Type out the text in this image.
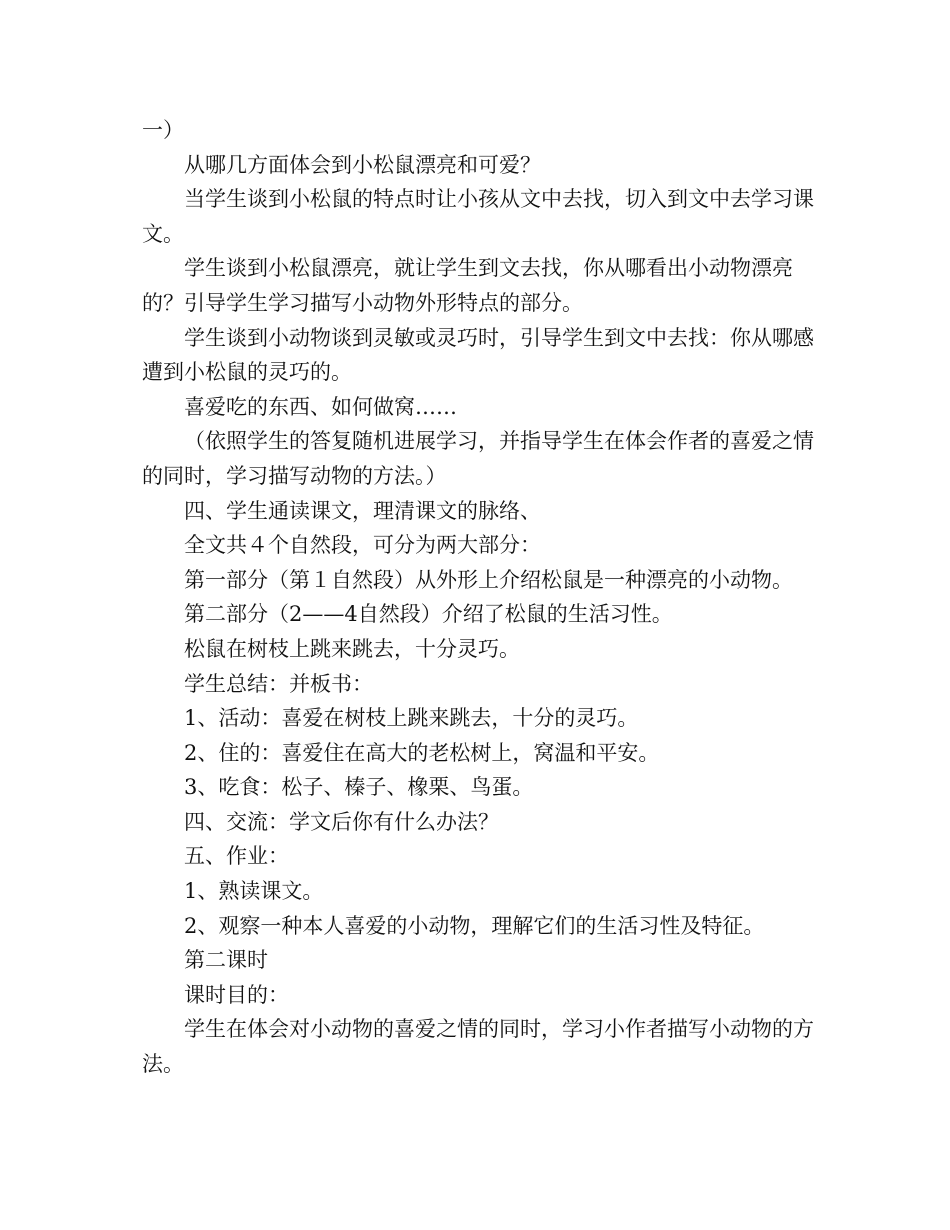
一）

从哪几方面体会到小松鼠漂亮和可爱？

当学生谈到小松鼠的特点时让小孩从文中去找，切入到文中去学习课文。

学生谈到小松鼠漂亮，就让学生到文去找，你从哪看出小动物漂亮的？引导学生学习描写小动物外形特点的部分。

学生谈到小动物谈到灵敏或灵巧时，引导学生到文中去找：你从哪感遭到小松鼠的灵巧的。

喜爱吃的东西、如何做窝……

（依照学生的答复随机进展学习，并指导学生在体会作者的喜爱之情的同时，学习描写动物的方法。）

四、学生通读课文，理清课文的脉络、

全文共４个自然段，可分为两大部分：

第一部分（第１自然段）从外形上介绍松鼠是一种漂亮的小动物。

第二部分（2——4自然段）介绍了松鼠的生活习性。

松鼠在树枝上跳来跳去，十分灵巧。

学生总结：并板书：

1、活动：喜爱在树枝上跳来跳去，十分的灵巧。

2、住的：喜爱住在高大的老松树上，窝温和平安。

3、吃食：松子、榛子、橡栗、鸟蛋。

四、交流：学文后你有什么办法？

五、作业：

1、熟读课文。

2、观察一种本人喜爱的小动物，理解它们的生活习性及特征。

第二课时

课时目的：

学生在体会对小动物的喜爱之情的同时，学习小作者描写小动物的方法。
